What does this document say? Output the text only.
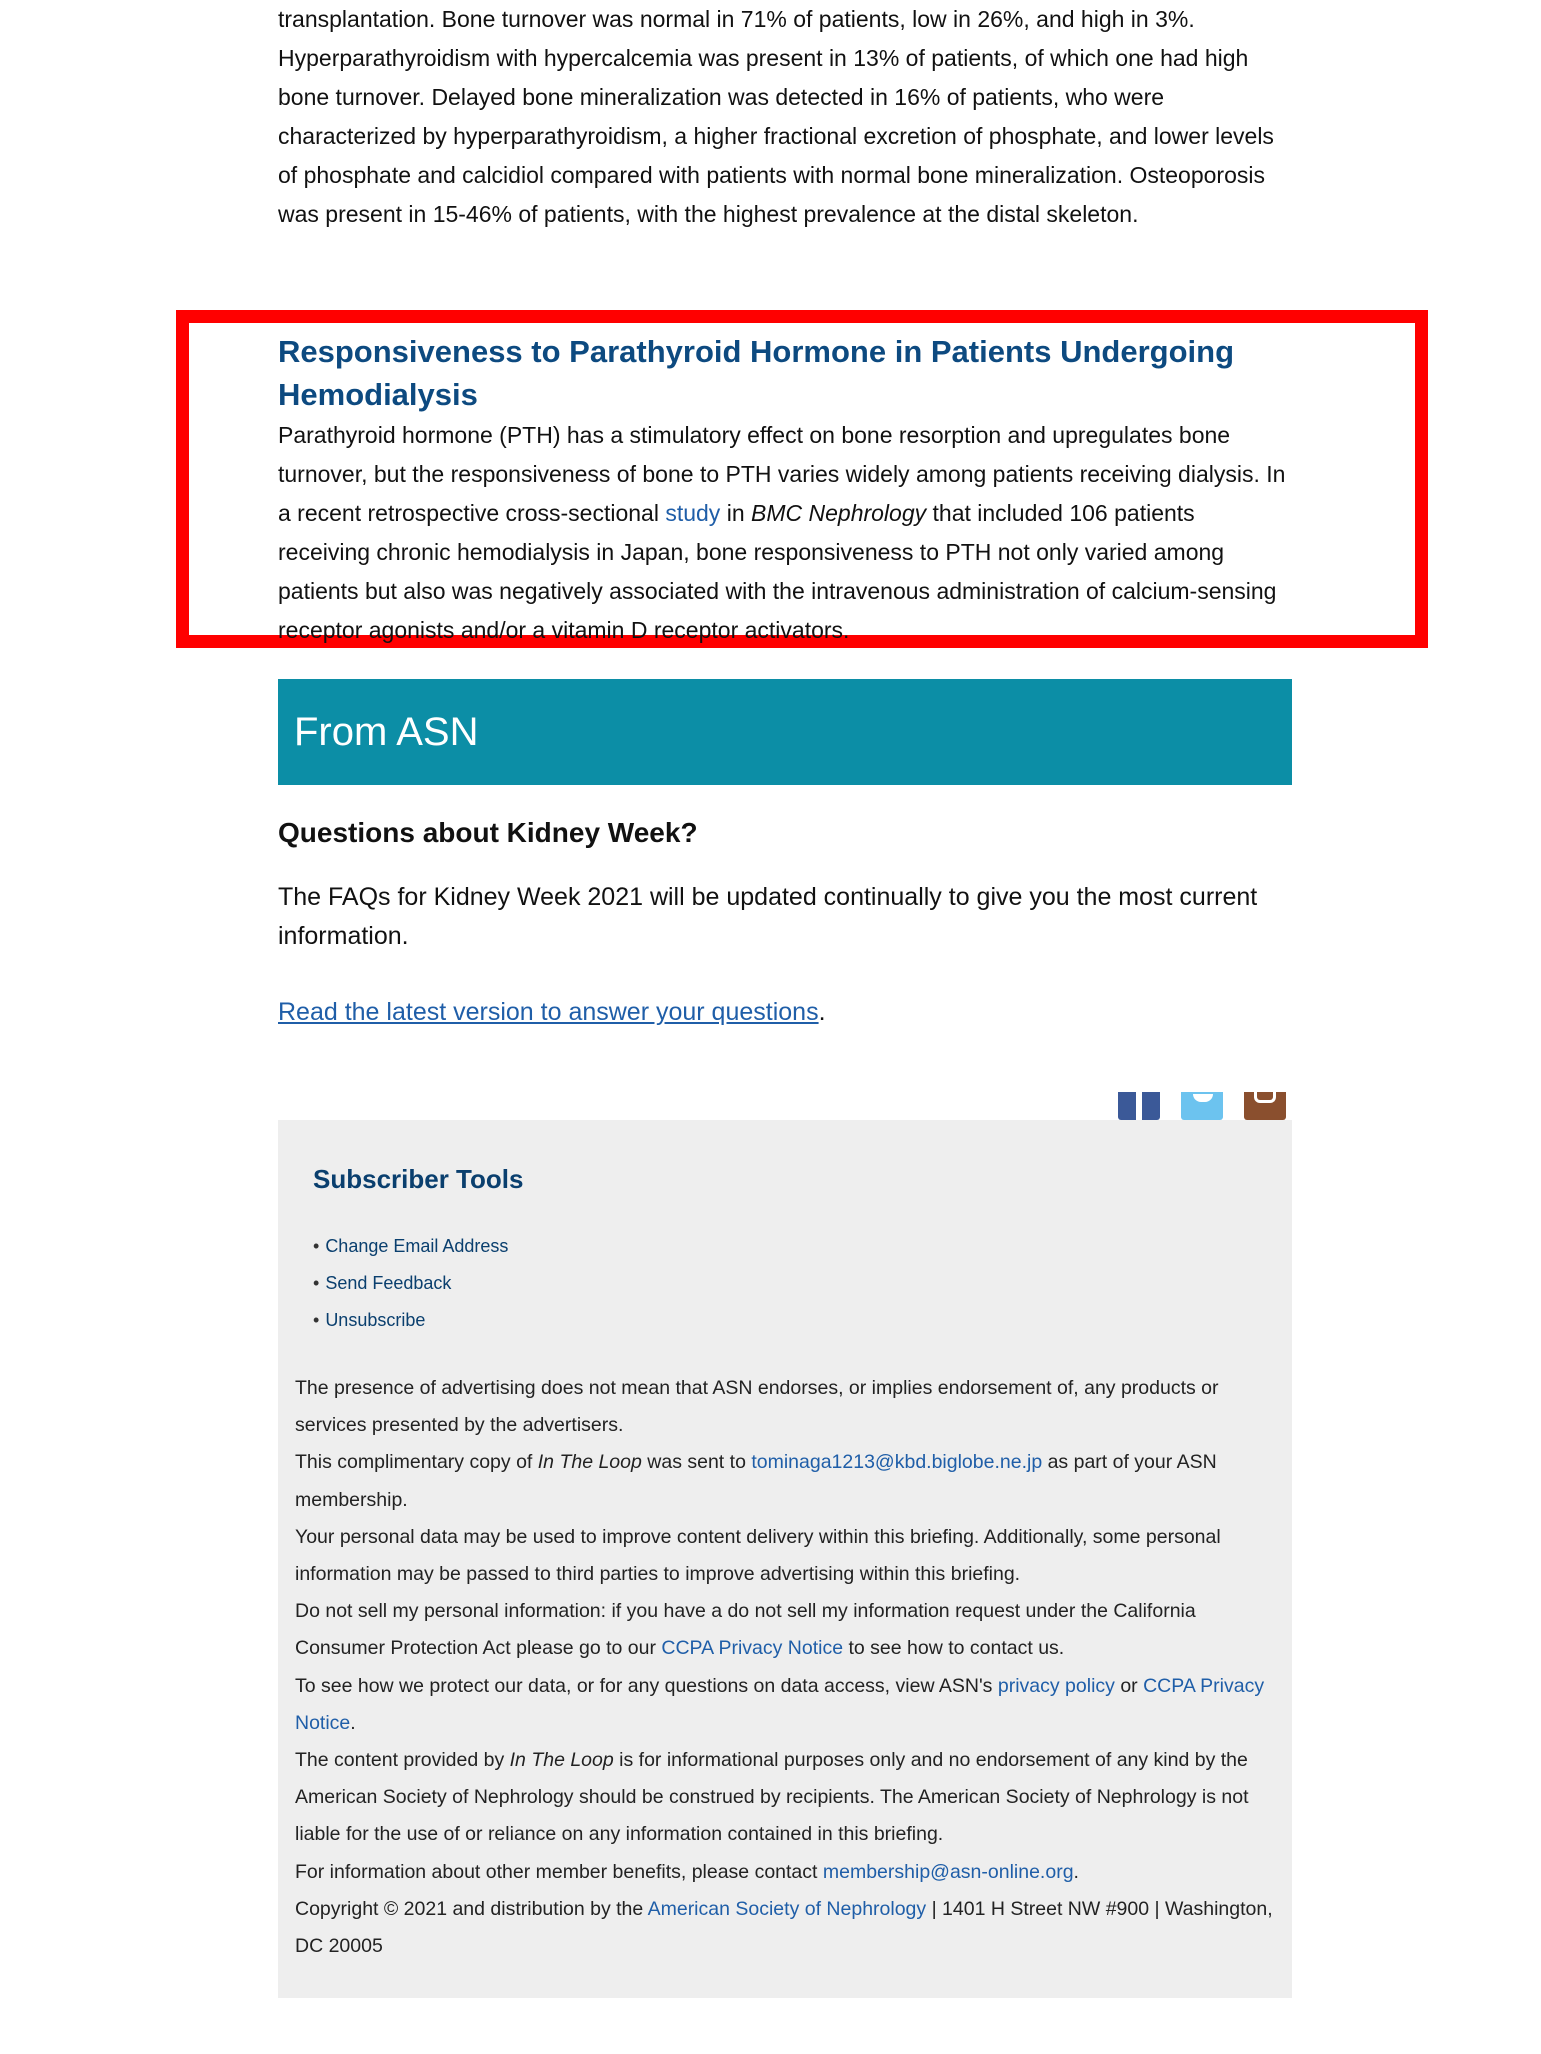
transplantation. Bone turnover was normal in 71% of patients, low in 26%, and high in 3%. Hyperparathyroidism with hypercalcemia was present in 13% of patients, of which one had high bone turnover. Delayed bone mineralization was detected in 16% of patients, who were characterized by hyperparathyroidism, a higher fractional excretion of phosphate, and lower levels of phosphate and calcidiol compared with patients with normal bone mineralization. Osteoporosis was present in 15-46% of patients, with the highest prevalence at the distal skeleton.

Responsiveness to Parathyroid Hormone in Patients Undergoing Hemodialysis

Parathyroid hormone (PTH) has a stimulatory effect on bone resorption and upregulates bone turnover, but the responsiveness of bone to PTH varies widely among patients receiving dialysis. In a recent retrospective cross-sectional study in BMC Nephrology that included 106 patients receiving chronic hemodialysis in Japan, bone responsiveness to PTH not only varied among patients but also was negatively associated with the intravenous administration of calcium-sensing receptor agonists and/or a vitamin D receptor activators.

From ASN
Questions about Kidney Week?

The FAQs for Kidney Week 2021 will be updated continually to give you the most current information.

Read the latest version to answer your questions.

Subscriber Tools
• Change Email Address
• Send Feedback
• Unsubscribe

The presence of advertising does not mean that ASN endorses, or implies endorsement of, any products or services presented by the advertisers.

This complimentary copy of In The Loop was sent to tominaga1213@kbd.biglobe.ne.jp as part of your ASN membership.

Your personal data may be used to improve content delivery within this briefing. Additionally, some personal information may be passed to third parties to improve advertising within this briefing.

Do not sell my personal information: if you have a do not sell my information request under the California Consumer Protection Act please go to our CCPA Privacy Notice to see how to contact us.

To see how we protect our data, or for any questions on data access, view ASN's privacy policy or CCPA Privacy Notice.

The content provided by In The Loop is for informational purposes only and no endorsement of any kind by the American Society of Nephrology should be construed by recipients. The American Society of Nephrology is not liable for the use of or reliance on any information contained in this briefing.

For information about other member benefits, please contact membership@asn-online.org.

Copyright © 2021 and distribution by the American Society of Nephrology | 1401 H Street NW #900 | Washington, DC 20005
